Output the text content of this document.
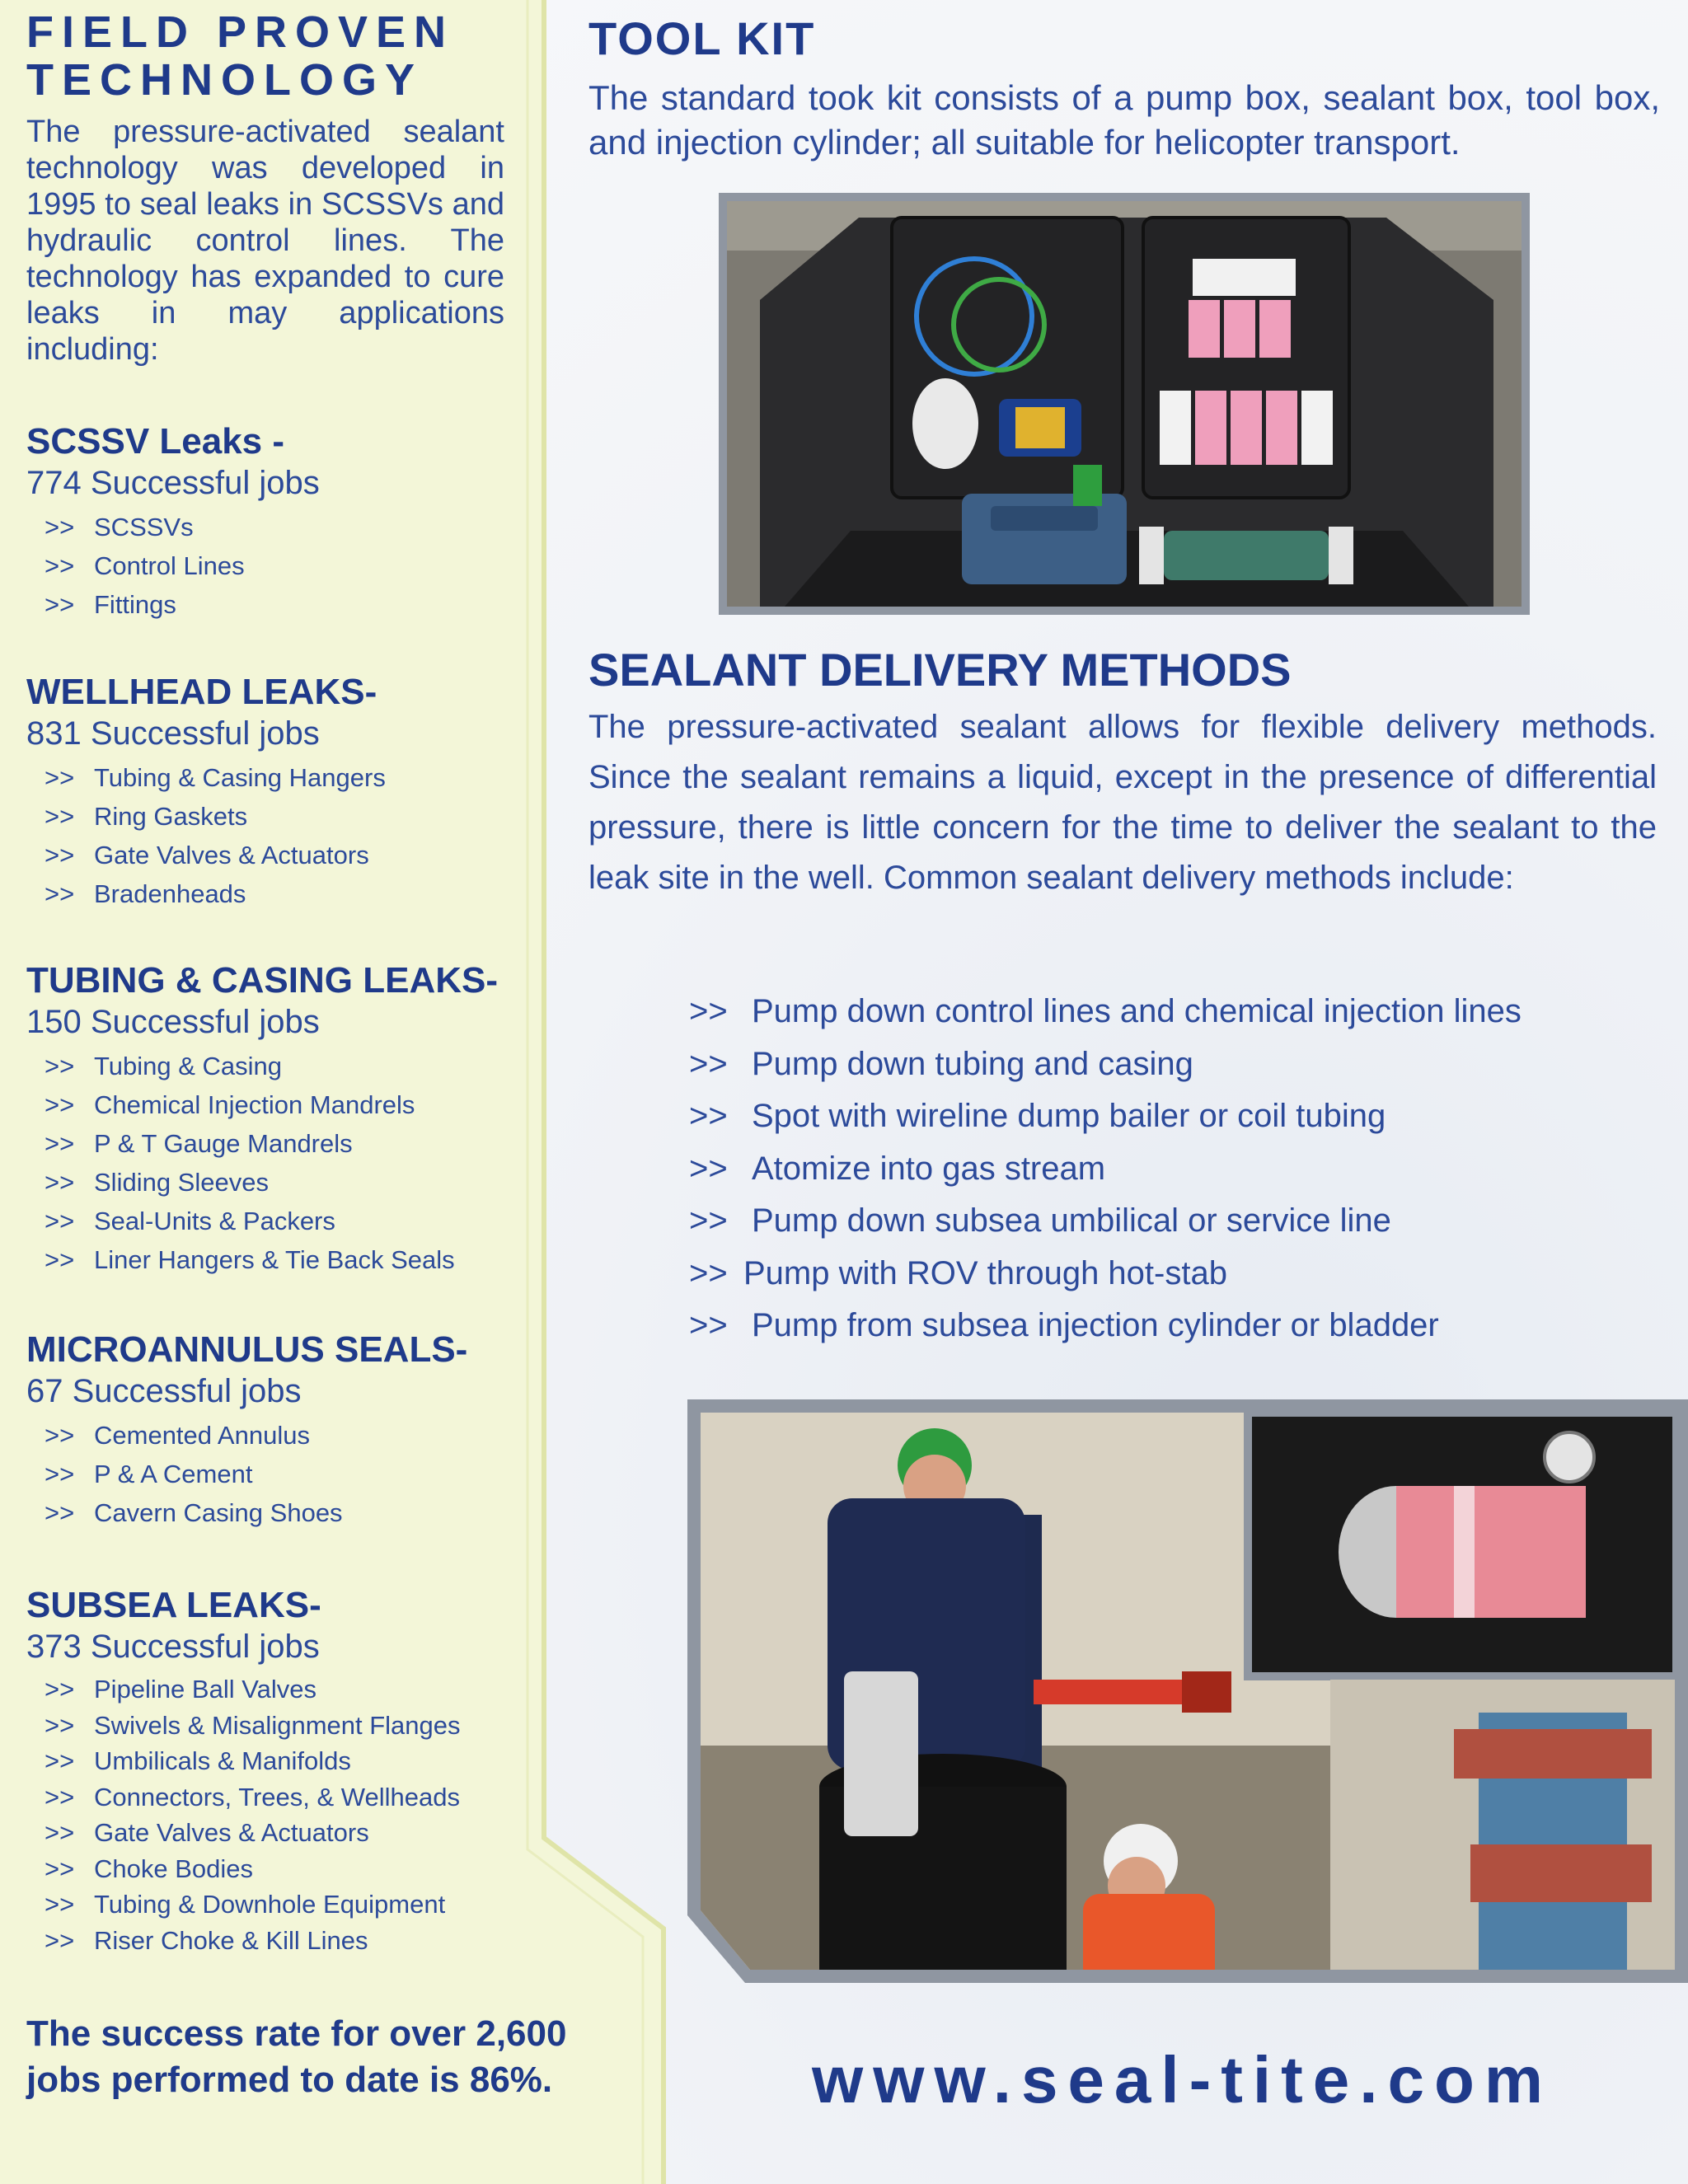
FIELD PROVEN
TECHNOLOGY

The pressure-activated sealant technology was developed in 1995 to seal leaks in SCSSVs and hydraulic control lines. The technology has expanded to cure leaks in may applications including:

SCSSV Leaks -

774 Successful jobs

>> SCSSVs
>> Control Lines
>> Fittings
WELLHEAD LEAKS-

831 Successful jobs

>> Tubing & Casing Hangers
>> Ring Gaskets
>> Gate Valves & Actuators
>> Bradenheads
TUBING & CASING LEAKS-

150 Successful jobs

>> Tubing & Casing
>> Chemical Injection Mandrels
>> P & T Gauge Mandrels
>> Sliding Sleeves
>> Seal-Units & Packers
>> Liner Hangers & Tie Back Seals
MICROANNULUS SEALS-

67 Successful jobs

>> Cemented Annulus
>> P & A Cement
>> Cavern Casing Shoes
SUBSEA LEAKS-

373 Successful jobs

>> Pipeline Ball Valves
>> Swivels & Misalignment Flanges
>> Umbilicals & Manifolds
>> Connectors, Trees, & Wellheads
>> Gate Valves & Actuators
>> Choke Bodies
>> Tubing & Downhole Equipment
>> Riser Choke & Kill Lines

The success rate for over 2,600
jobs performed to date is 86%.

TOOL KIT

The standard took kit consists of a pump box, sealant box, tool box, and injection cylinder; all suitable for helicopter transport.

SEALANT DELIVERY METHODS

The pressure-activated sealant allows for flexible delivery methods. Since the sealant remains a liquid, except in the presence of differential pressure, there is little concern for the time to deliver the sealant to the leak site in the well. Common sealant delivery methods include:

>> Pump down control lines and chemical injection lines
>> Pump down tubing and casing
>> Spot with wireline dump bailer or coil tubing
>> Atomize into gas stream
>> Pump down subsea umbilical or service line
>> Pump with ROV through hot-stab
>> Pump from subsea injection cylinder or bladder

www.seal-tite.com
